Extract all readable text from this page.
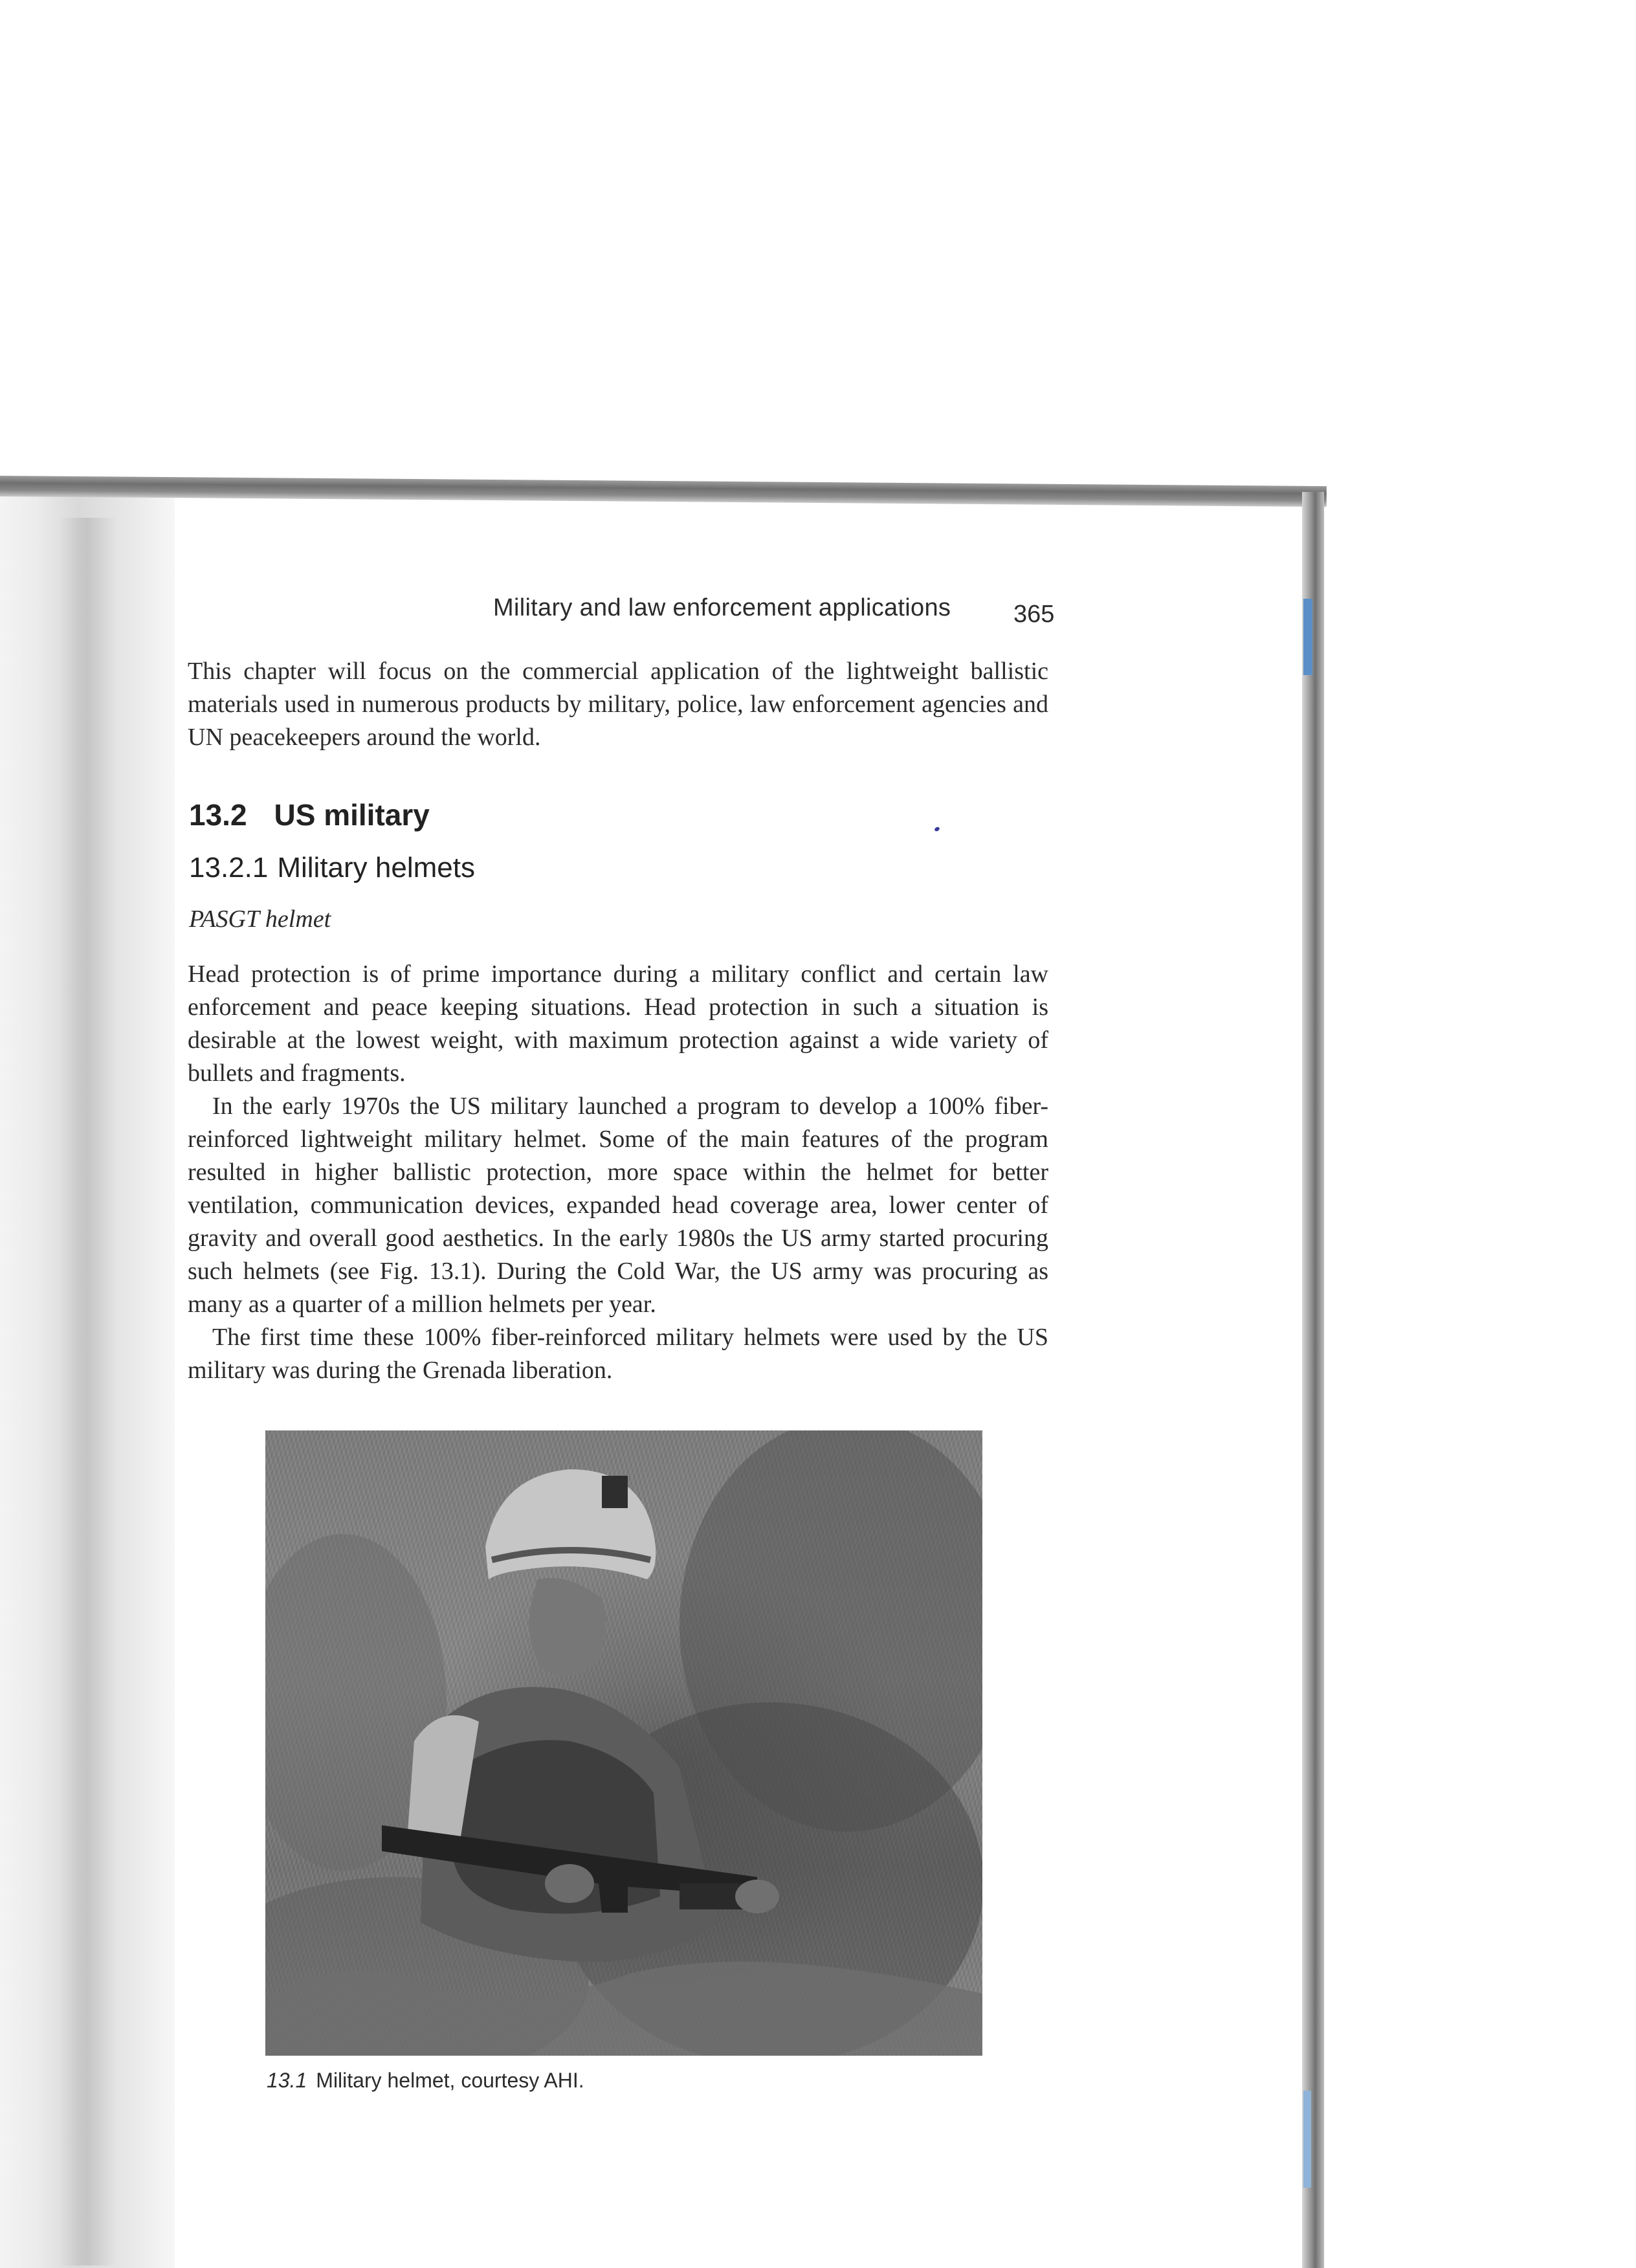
Military and law enforcement applications	365

This chapter will focus on the commercial application of the lightweight ballistic materials used in numerous products by military, police, law enforcement agencies and UN peacekeepers around the world.

13.2 US military
13.2.1 Military helmets
PASGT helmet

Head protection is of prime importance during a military conflict and certain law enforcement and peace keeping situations. Head protection in such a situation is desirable at the lowest weight, with maximum protection against a wide variety of bullets and fragments.

In the early 1970s the US military launched a program to develop a 100% fiber-reinforced lightweight military helmet. Some of the main features of the program resulted in higher ballistic protection, more space within the helmet for better ventilation, communication devices, expanded head coverage area, lower center of gravity and overall good aesthetics. In the early 1980s the US army started procuring such helmets (see Fig. 13.1). During the Cold War, the US army was procuring as many as a quarter of a million helmets per year.

The first time these 100% fiber-reinforced military helmets were used by the US military was during the Grenada liberation.

13.1 Military helmet, courtesy AHI.
